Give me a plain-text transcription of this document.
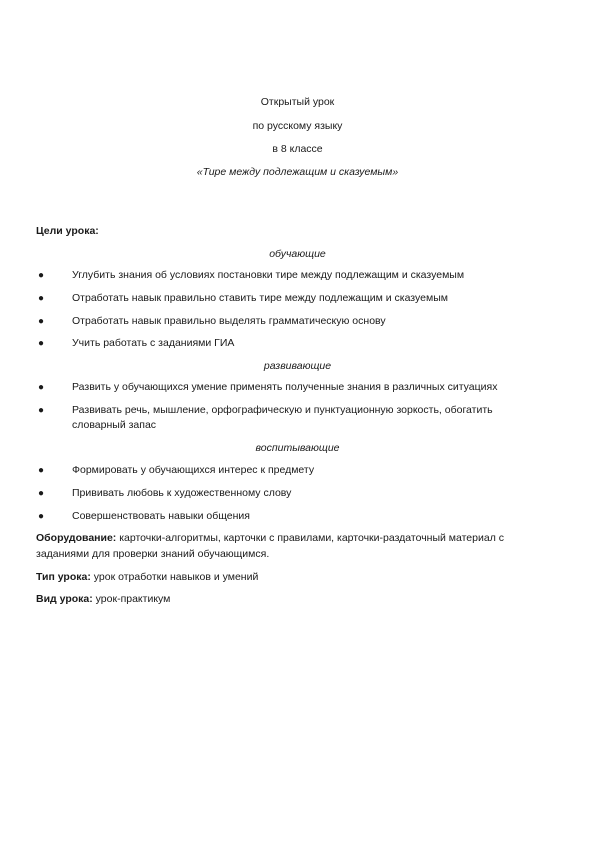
Открытый урок
по русскому языку
в 8 классе
«Тире между подлежащим и сказуемым»
Цели урока:
обучающие
●	Углубить знания об условиях постановки тире между подлежащим и сказуемым
●	Отработать навык правильно ставить тире между подлежащим и сказуемым
●	Отработать навык правильно выделять грамматическую основу
●	Учить работать с заданиями ГИА
развивающие
●	Развить у обучающихся умение применять полученные знания в различных ситуациях
●	Развивать речь, мышление, орфографическую и пунктуационную зоркость, обогатить словарный запас
воспитывающие
●	Формировать у обучающихся интерес к предмету
●	Прививать любовь к художественному слову
●	Совершенствовать навыки общения
Оборудование: карточки-алгоритмы, карточки с правилами, карточки-раздаточный материал с заданиями для проверки знаний обучающимся.
Тип урока: урок отработки навыков и умений
Вид урока: урок-практикум
